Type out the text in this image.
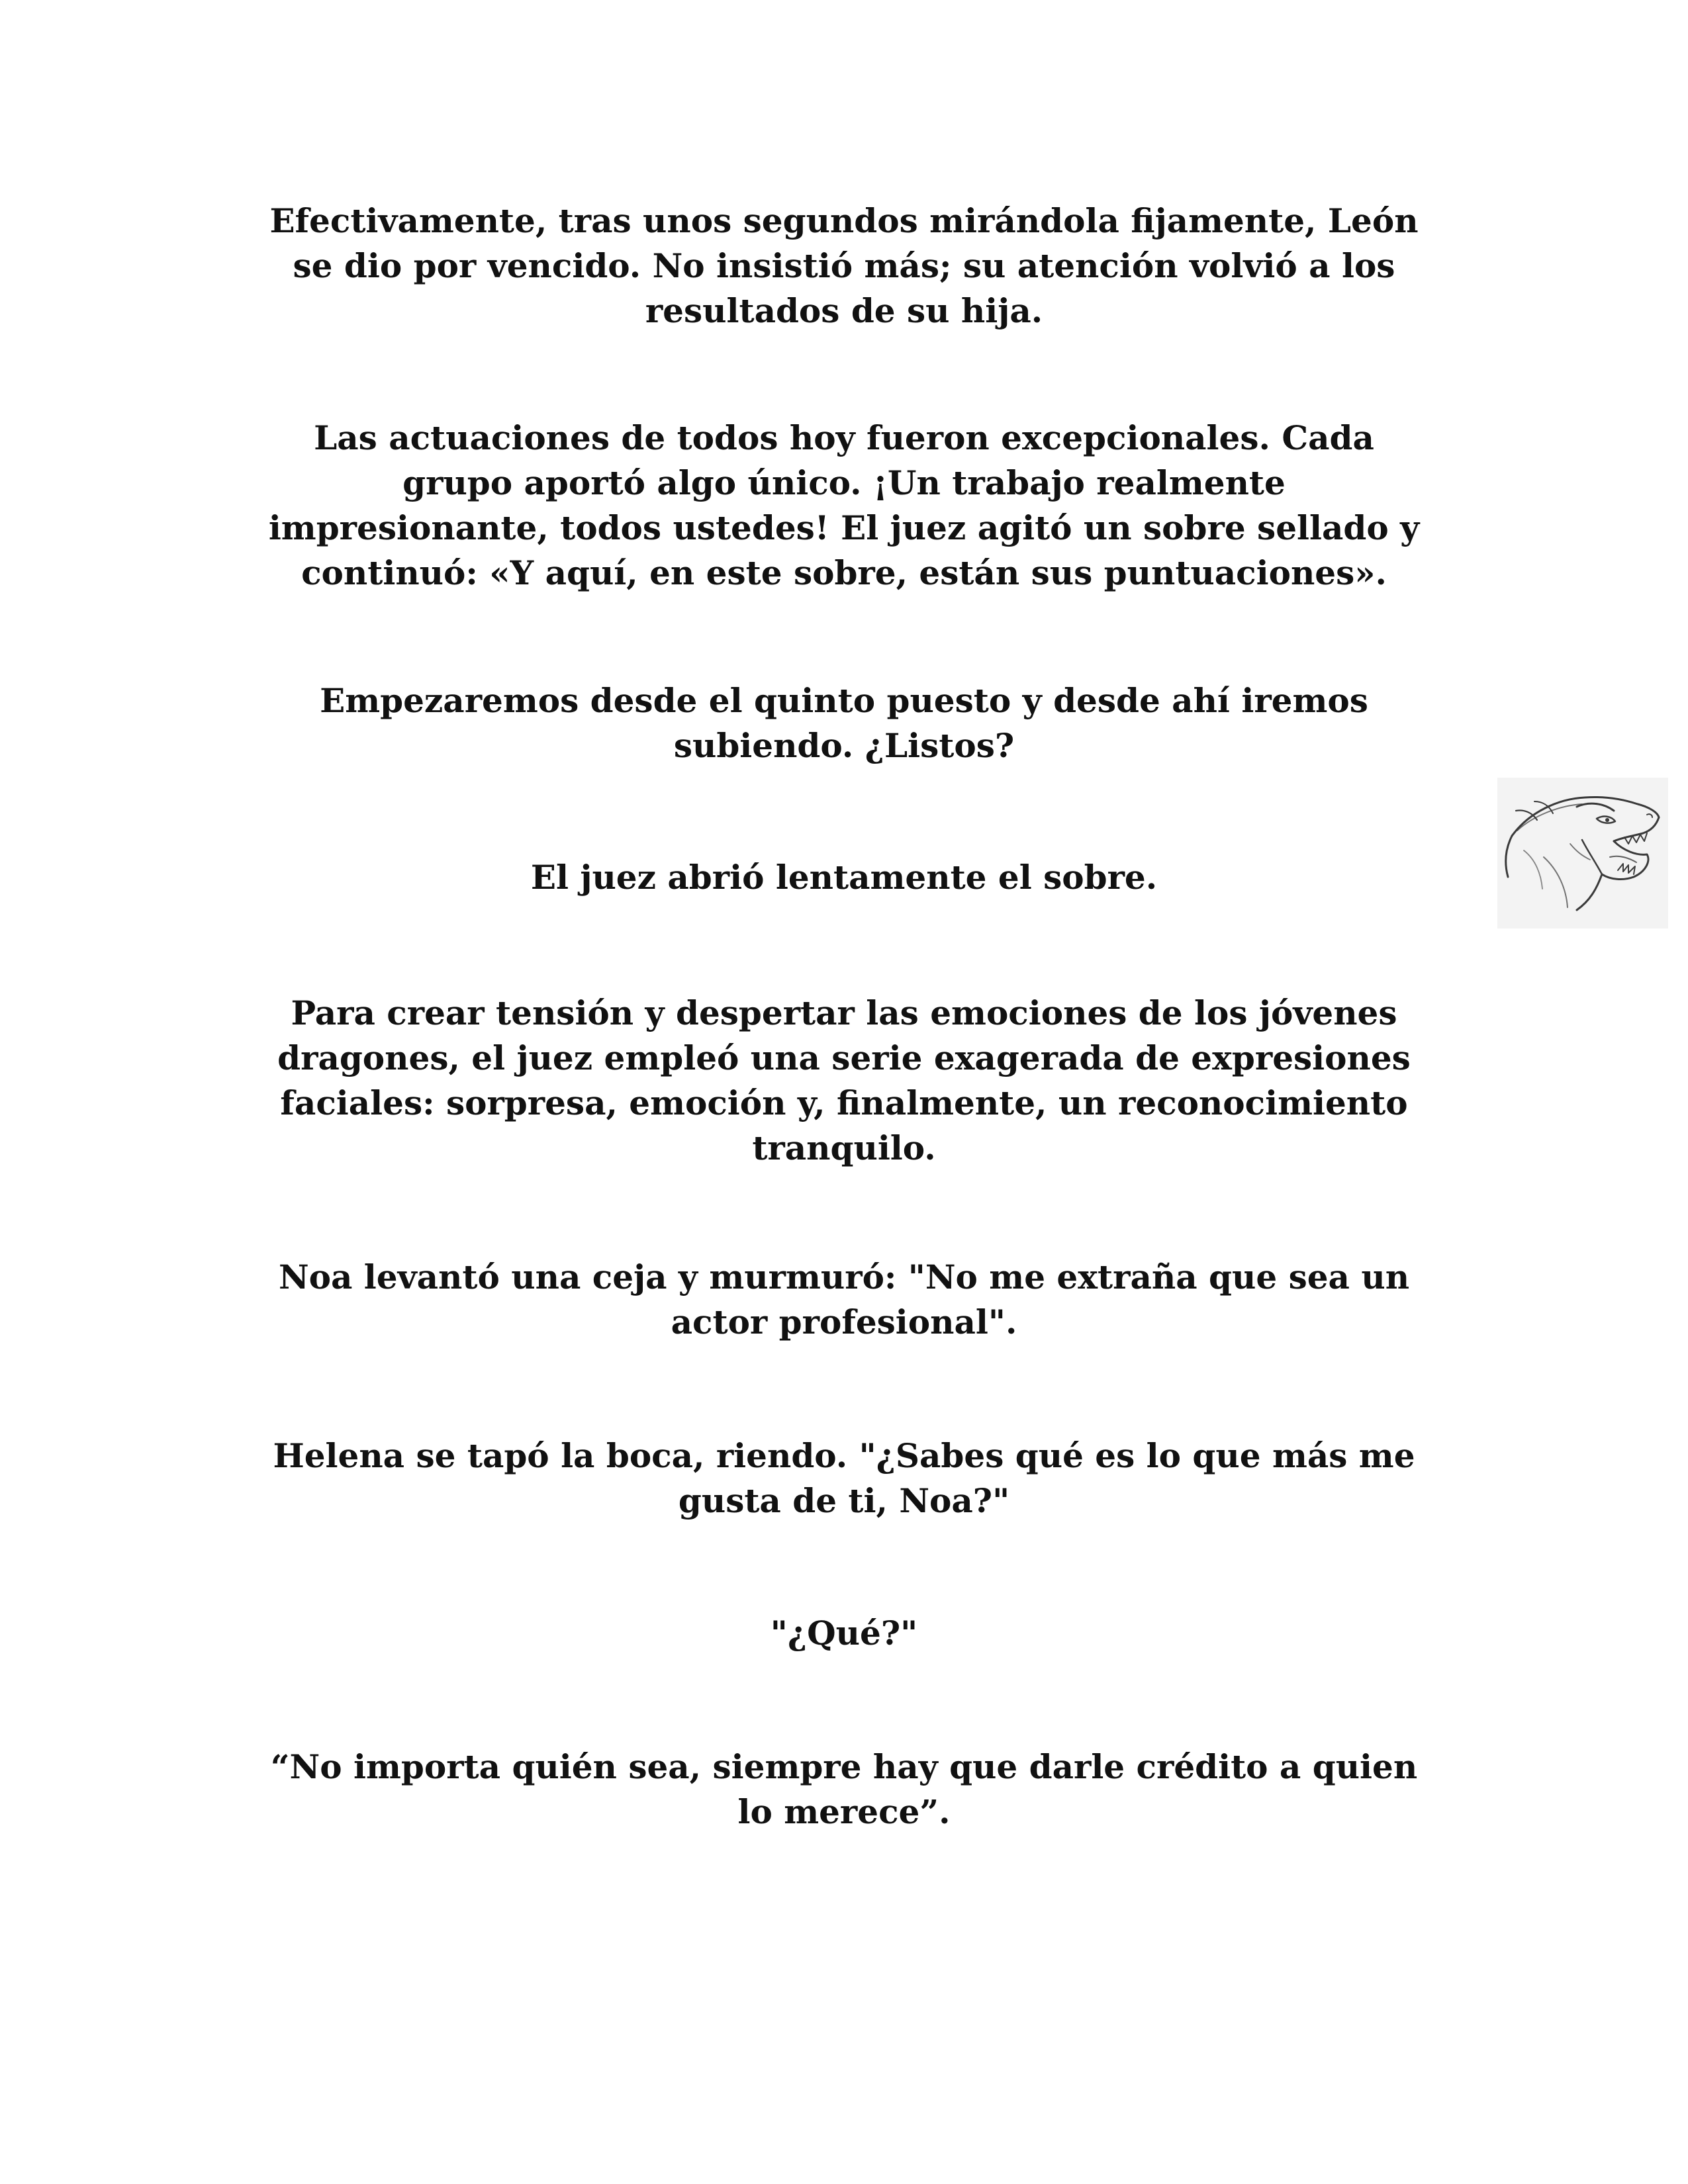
Efectivamente, tras unos segundos mirándola fijamente, León
se dio por vencido. No insistió más; su atención volvió a los
resultados de su hija.
Las actuaciones de todos hoy fueron excepcionales. Cada
grupo aportó algo único. ¡Un trabajo realmente
impresionante, todos ustedes! El juez agitó un sobre sellado y
continuó: «Y aquí, en este sobre, están sus puntuaciones».
Empezaremos desde el quinto puesto y desde ahí iremos
subiendo. ¿Listos?
El juez abrió lentamente el sobre.
Para crear tensión y despertar las emociones de los jóvenes
dragones, el juez empleó una serie exagerada de expresiones
faciales: sorpresa, emoción y, finalmente, un reconocimiento
tranquilo.
Noa levantó una ceja y murmuró: "No me extraña que sea un
actor profesional".
Helena se tapó la boca, riendo. "¿Sabes qué es lo que más me
gusta de ti, Noa?"
"¿Qué?"
“No importa quién sea, siempre hay que darle crédito a quien
lo merece”.
